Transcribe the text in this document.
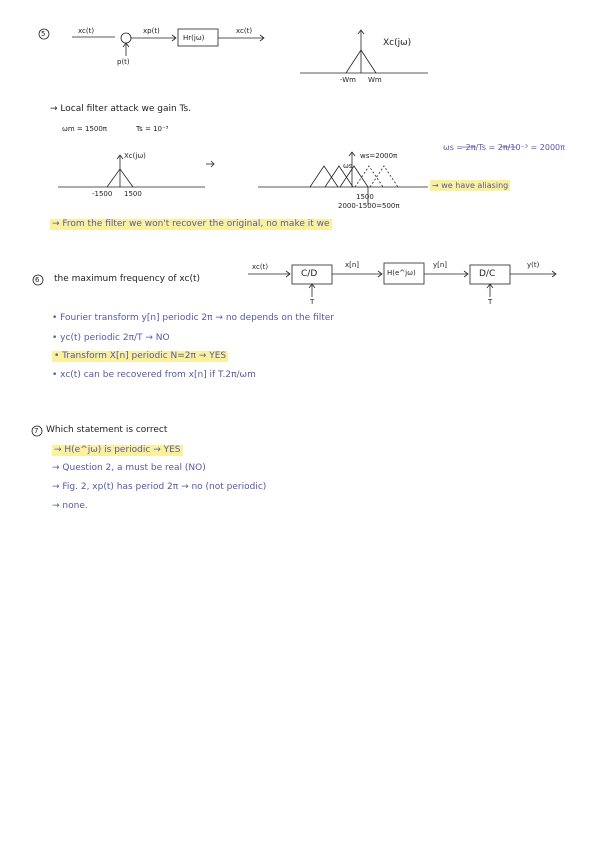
5	xc(t)	xp(t)
Hr(jω)
xc(t)
p(t)
Xc(jω)
-Wm Wm
→ Local filter attack we gain Ts.
ωm = 1500π	Ts = 10⁻³
Xc(jω)
-1500 1500
ωs
ws=2000π
1500
2000-1500=500π
ωs = 2π/Ts = 2π/10⁻³ = 2000π
→ we have aliasing
→ From the filter we won't recover the original, no make it we
6 the maximum frequency of xc(t)
xc(t)
C/D
x[n]
H(e^jω)
y[n]
D/C
y(t)
T	T
• Fourier transform y[n] periodic 2π → no depends on the filter
• yc(t) periodic 2π/T → NO
• Transform X[n] periodic N=2π → YES
• xc(t) can be recovered from x[n] if T.2π/ωm
7 Which statement is correct
→ H(e^jω) is periodic → YES
→ Question 2, a must be real (NO)
→ Fig. 2, xp(t) has period 2π → no (not periodic)
→ none.
